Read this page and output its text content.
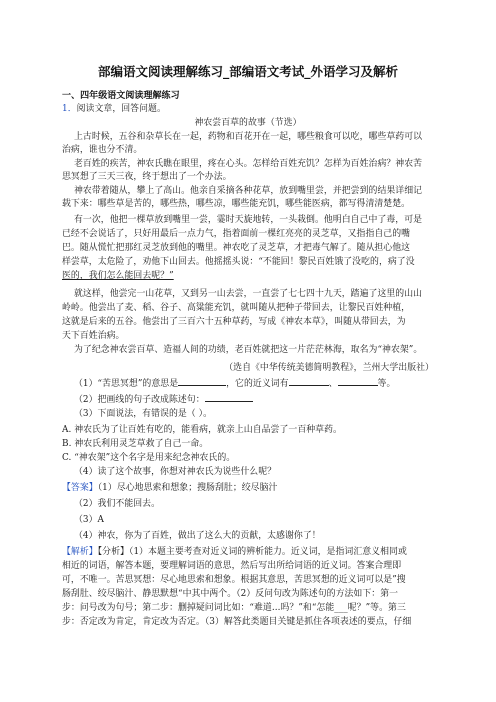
部编语文阅读理解练习_部编语文考试_外语学习及解析
一、四年级语文阅读理解练习
1．阅读文章，回答问题。
神农尝百草的故事（节选）
上古时候，五谷和杂草长在一起，药物和百花开在一起，哪些粮食可以吃，哪些草药可以
治病，谁也分不清。
老百姓的疾苦，神农氏瞧在眼里，疼在心头。怎样给百姓充饥？怎样为百姓治病？神农苦
思冥想了三天三夜，终于想出了一个办法。
神农带着随从，攀上了高山。他亲自采摘各种花草，放到嘴里尝，并把尝到的结果详细记
载下来：哪些草是苦的，哪些热，哪些凉，哪些能充饥，哪些能医病，都写得清清楚楚。
有一次，他把一棵草放到嘴里一尝，霎时天旋地转，一头栽倒。他明白自己中了毒，可是
已经不会说话了，只好用最后一点力气，指着面前一棵红亮亮的灵芝草，又指指自己的嘴
巴。随从慌忙把那红灵芝放到他的嘴里。神农吃了灵芝草，才把毒气解了。随从担心他这
样尝草，太危险了，劝他下山回去。他摇摇头说：“不能回！黎民百姓饿了没吃的，病了没
医的，我们怎么能回去呢？”
就这样，他尝完一山花草，又到另一山去尝，一直尝了七七四十九天，踏遍了这里的山山
岭岭。他尝出了麦、稻、谷子、高粱能充饥，就叫随从把种子带回去，让黎民百姓种植，
这就是后来的五谷。他尝出了三百六十五种草药，写成《神农本草》，叫随从带回去，为
天下百姓治病。
为了纪念神农尝百草、造福人间的功绩，老百姓就把这一片茫茫林海，取名为“神农架”。
（选自《中华传统美德简明教程》，兰州大学出版社）
（1）“苦思冥想”的意思是	，它的近义词有	、	等。
（2）把画线的句子改成陈述句：
（3）下面说法，有错误的是（ ）。
A. 神农氏为了让百姓有吃的，能看病，就亲上山自品尝了一百种草药。
B. 神农氏利用灵芝草救了自己一命。
C. “神农架”这个名字是用来纪念神农氏的。
（4）读了这个故事，你想对神农氏为说些什么呢？
【答案】（1）尽心地思索和想象；搜肠刮肚；绞尽脑汁
（2）我们不能回去。
（3）A
（4）神农，你为了百姓，做出了这么大的贡献，太感谢你了！
【解析】【分析】（1）本题主要考查对近义词的辨析能力。近义词，是指词汇意义相同或
相近的词语，解答本题，要理解词语的意思，然后写出所给词语的近义词。答案合理即
可，不唯一。苦思冥想：尽心地思索和想象。根据其意思，苦思冥想的近义词可以是”搜
肠刮肚、绞尽脑汁、静思默想“中其中两个。（2）反问句改为陈述句的方法如下：第一
步：问号改为句号；第二步：删掉疑问词比如：“难道...吗？”和“怎能___呢？”等。第三
步：否定改为肯定，肯定改为否定。（3）解答此类题目关键是抓住各项表述的要点，仔细
